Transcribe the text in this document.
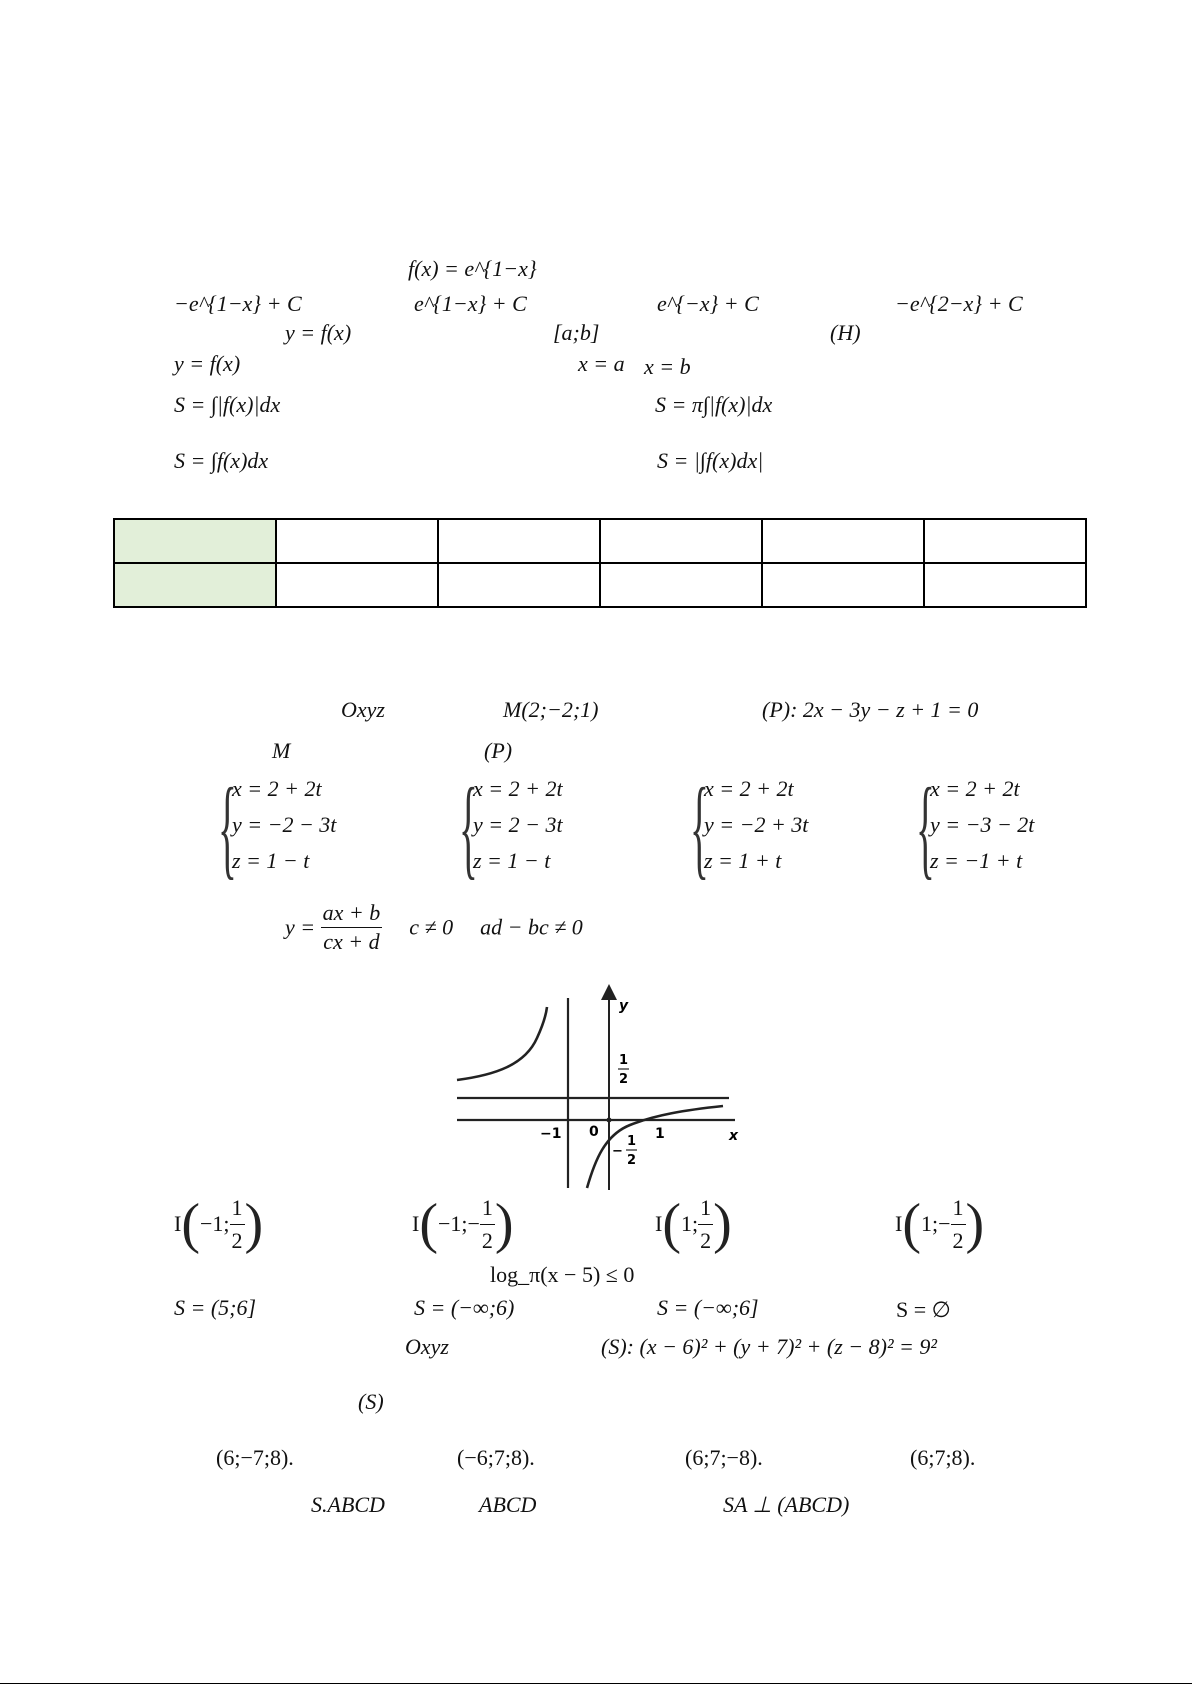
f(x) = e^{1−x}
−e^{1−x} + C	e^{1−x} + C	e^{−x} + C	−e^{2−x} + C
y = f(x)	[a;b]	(H)
y = f(x)	x = a x = b
S = ∫|f(x)|dx	S = π∫|f(x)|dx
S = ∫f(x)dx	S = |∫f(x)dx|

Oxyz	M(2;−2;1)	(P): 2x − 3y − z + 1 = 0
M	(P)
{
x = 2 + 2t
y = −2 − 3t
z = 1 − t {
x = 2 + 2t
y = 2 − 3t
z = 1 − t {
x = 2 + 2t
y = −2 + 3t
z = 1 + t {
x = 2 + 2t
y = −3 − 2t
z = −1 + t
$y = \frac{ax + b}{cx + d}$ c ≠ 0 ad − bc ≠ 0
y
x
−1 0	1
1
2
−
1
2
I(−1; $\frac{1}{2}$ )	I(−1;− $\frac{1}{2}$ )	I(1; $\frac{1}{2}$ )	I(1;− $\frac{1}{2}$ )
log_π(x − 5) ≤ 0
S = (5;6]	S = (−∞;6)	S = (−∞;6]	S = ∅
Oxyz	(S): (x − 6)² + (y + 7)² + (z − 8)² = 9²
(S)
(6;−7;8).	(−6;7;8).	(6;7;−8).	(6;7;8).
S.ABCD	ABCD	SA ⊥ (ABCD)
